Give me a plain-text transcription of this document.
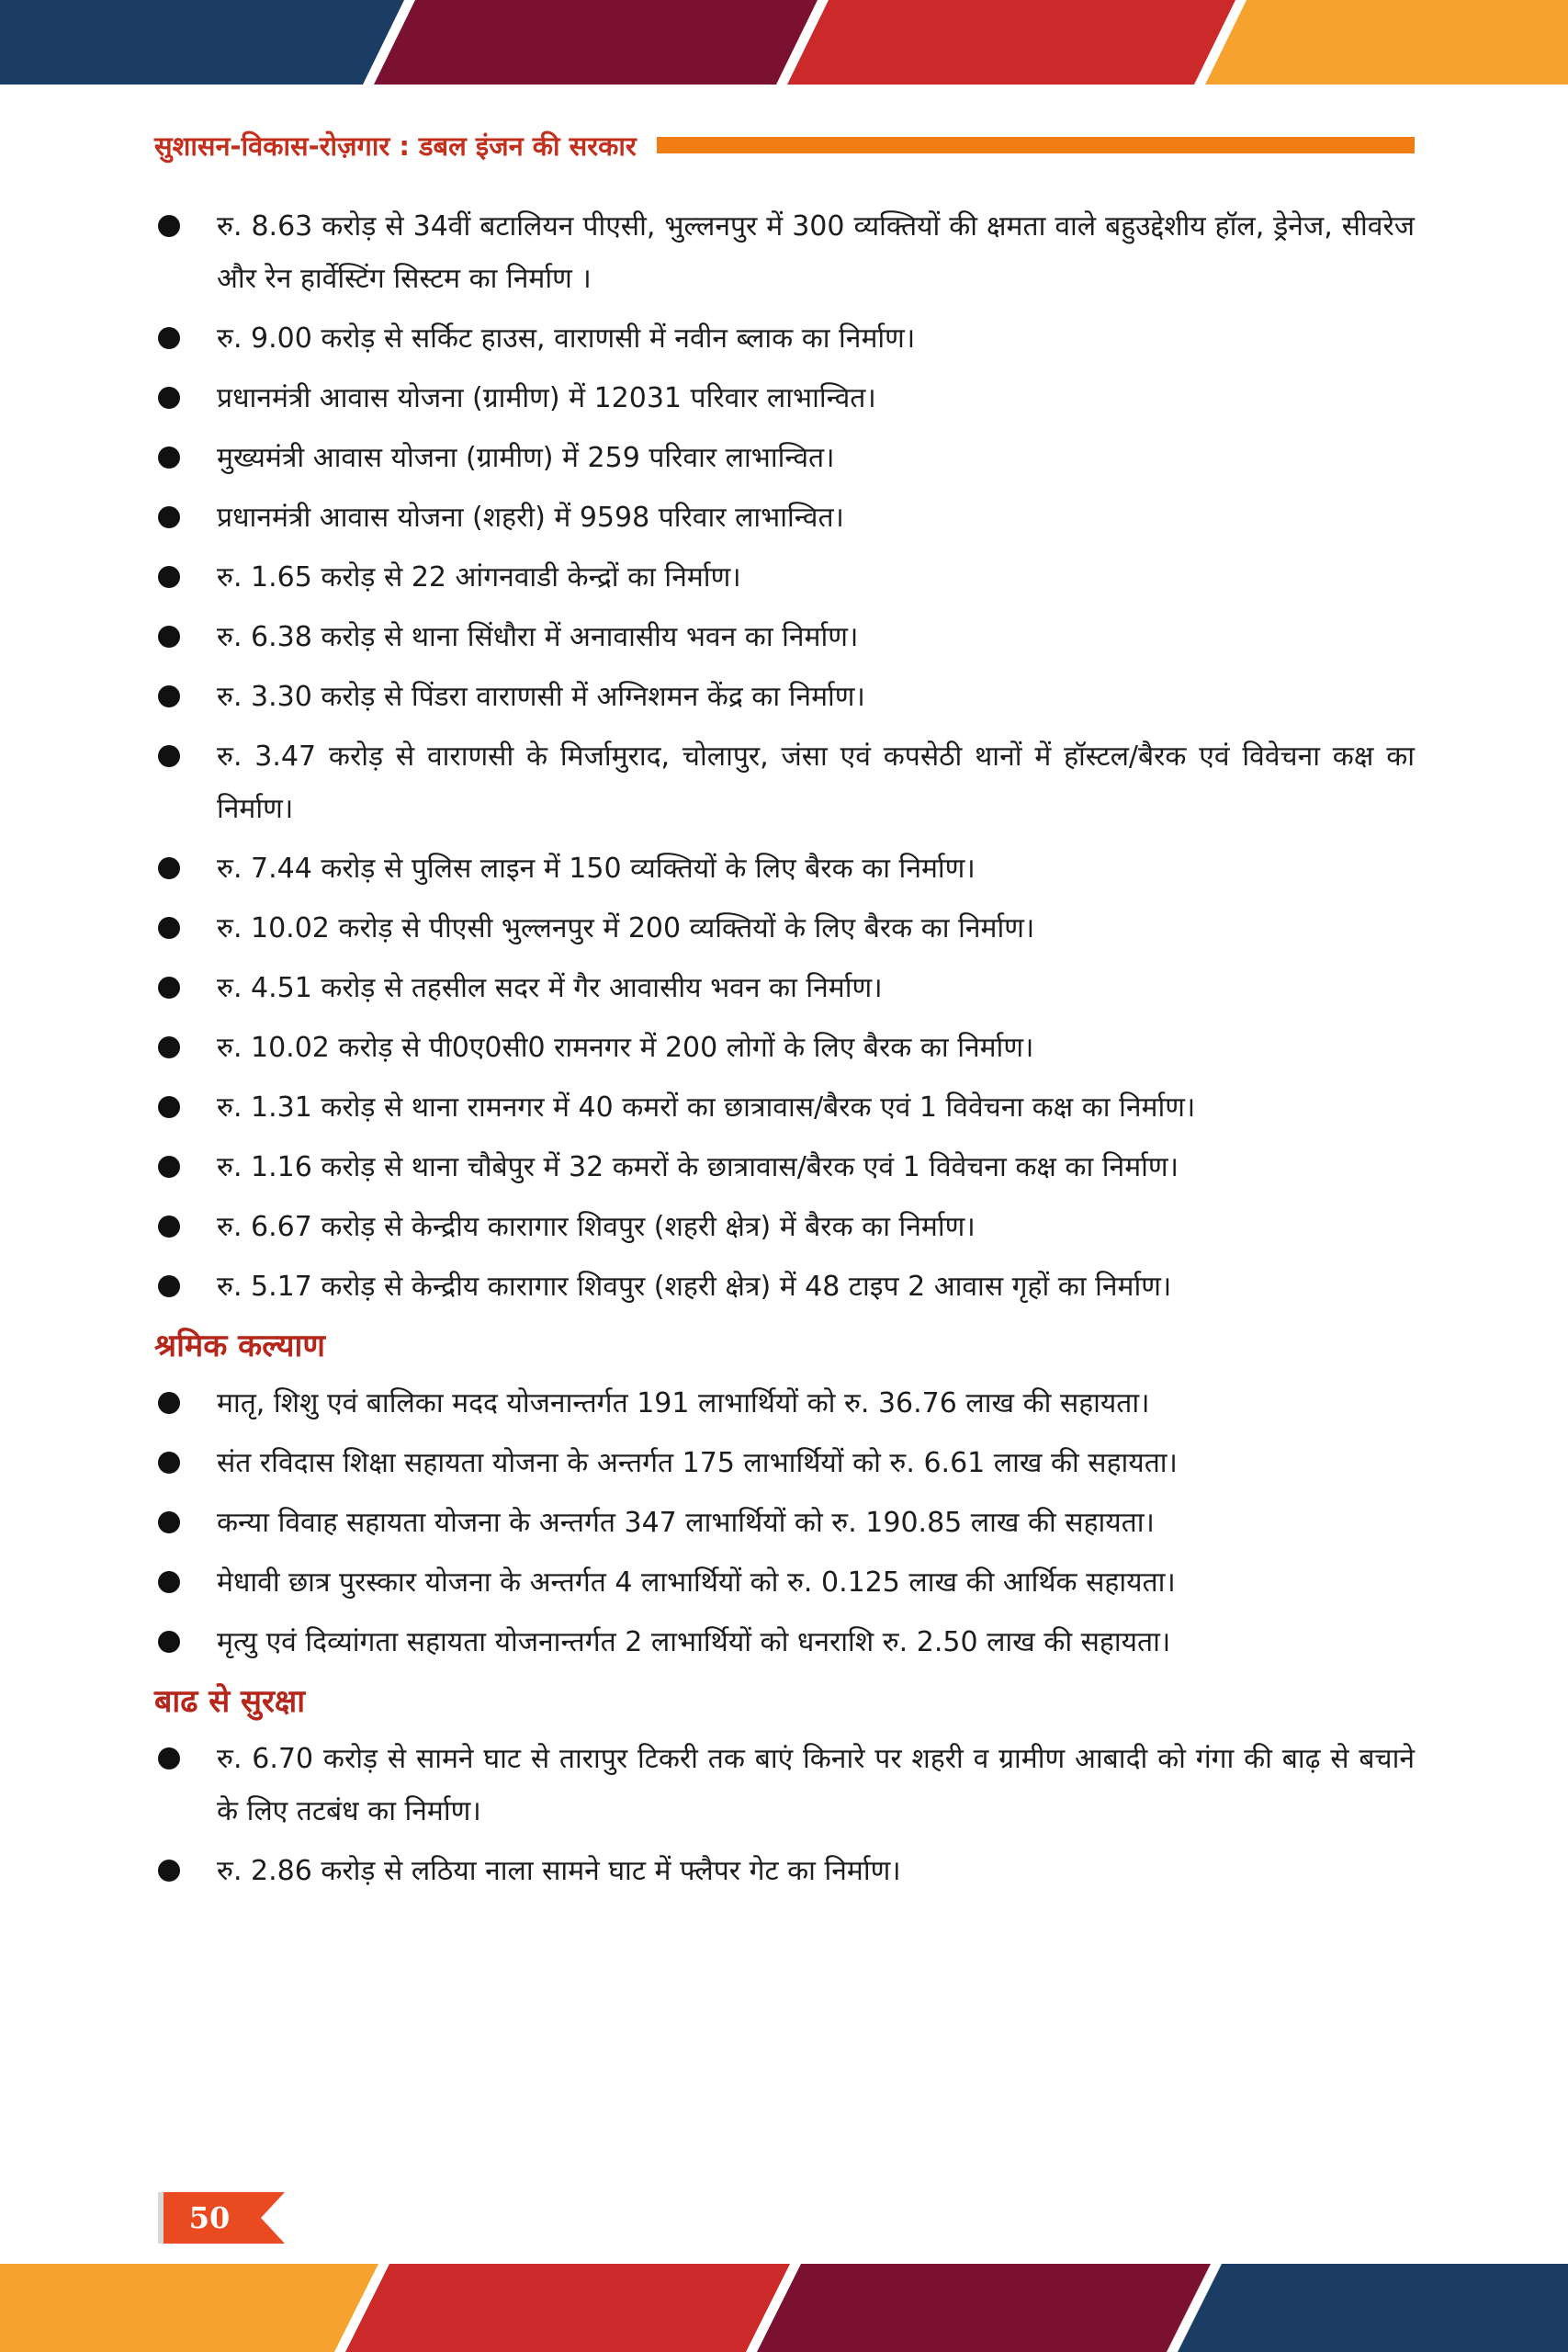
सुशासन-विकास-रोज़गार : डबल इंजन की सरकार
रु. 8.63 करोड़ से 34वीं बटालियन पीएसी, भुल्लनपुर में 300 व्यक्तियों की क्षमता वाले बहुउद्देशीय हॉल, ड्रेनेज, सीवरेज और रेन हार्वेस्टिंग सिस्टम का निर्माण ।
रु. 9.00 करोड़ से सर्किट हाउस, वाराणसी में नवीन ब्लाक का निर्माण।
प्रधानमंत्री आवास योजना (ग्रामीण) में 12031 परिवार लाभान्वित।
मुख्यमंत्री आवास योजना (ग्रामीण) में 259 परिवार लाभान्वित।
प्रधानमंत्री आवास योजना (शहरी) में 9598 परिवार लाभान्वित।
रु. 1.65 करोड़ से 22 आंगनवाडी केन्द्रों का निर्माण।
रु. 6.38 करोड़ से थाना सिंधौरा में अनावासीय भवन का निर्माण।
रु. 3.30 करोड़ से पिंडरा वाराणसी में अग्निशमन केंद्र का निर्माण।
रु. 3.47 करोड़ से वाराणसी के मिर्जामुराद, चोलापुर, जंसा एवं कपसेठी थानों में हॉस्टल/बैरक एवं विवेचना कक्ष का निर्माण।
रु. 7.44 करोड़ से पुलिस लाइन में 150 व्यक्तियों के लिए बैरक का निर्माण।
रु. 10.02 करोड़ से पीएसी भुल्लनपुर में 200 व्यक्तियों के लिए बैरक का निर्माण।
रु. 4.51 करोड़ से तहसील सदर में गैर आवासीय भवन का निर्माण।
रु. 10.02 करोड़ से पी0ए0सी0 रामनगर में 200 लोगों के लिए बैरक का निर्माण।
रु. 1.31 करोड़ से थाना रामनगर में 40 कमरों का छात्रावास/बैरक एवं 1 विवेचना कक्ष का निर्माण।
रु. 1.16 करोड़ से थाना चौबेपुर में 32 कमरों के छात्रावास/बैरक एवं 1 विवेचना कक्ष का निर्माण।
रु. 6.67 करोड़ से केन्द्रीय कारागार शिवपुर (शहरी क्षेत्र) में बैरक का निर्माण।
रु. 5.17 करोड़ से केन्द्रीय कारागार शिवपुर (शहरी क्षेत्र) में 48 टाइप 2 आवास गृहों का निर्माण।
श्रमिक कल्याण
मातृ, शिशु एवं बालिका मदद योजनान्तर्गत 191 लाभार्थियों को रु. 36.76 लाख की सहायता।
संत रविदास शिक्षा सहायता योजना के अन्तर्गत 175 लाभार्थियों को रु. 6.61 लाख की सहायता।
कन्या विवाह सहायता योजना के अन्तर्गत 347 लाभार्थियों को रु. 190.85 लाख की सहायता।
मेधावी छात्र पुरस्कार योजना के अन्तर्गत 4 लाभार्थियों को रु. 0.125 लाख की आर्थिक सहायता।
मृत्यु एवं दिव्यांगता सहायता योजनान्तर्गत 2 लाभार्थियों को धनराशि रु. 2.50 लाख की सहायता।
बाढ से सुरक्षा
रु. 6.70 करोड़ से सामने घाट से तारापुर टिकरी तक बाएं किनारे पर शहरी व ग्रामीण आबादी को गंगा की बाढ़ से बचाने के लिए तटबंध का निर्माण।
रु. 2.86 करोड़ से लठिया नाला सामने घाट में फ्लैपर गेट का निर्माण।
50
